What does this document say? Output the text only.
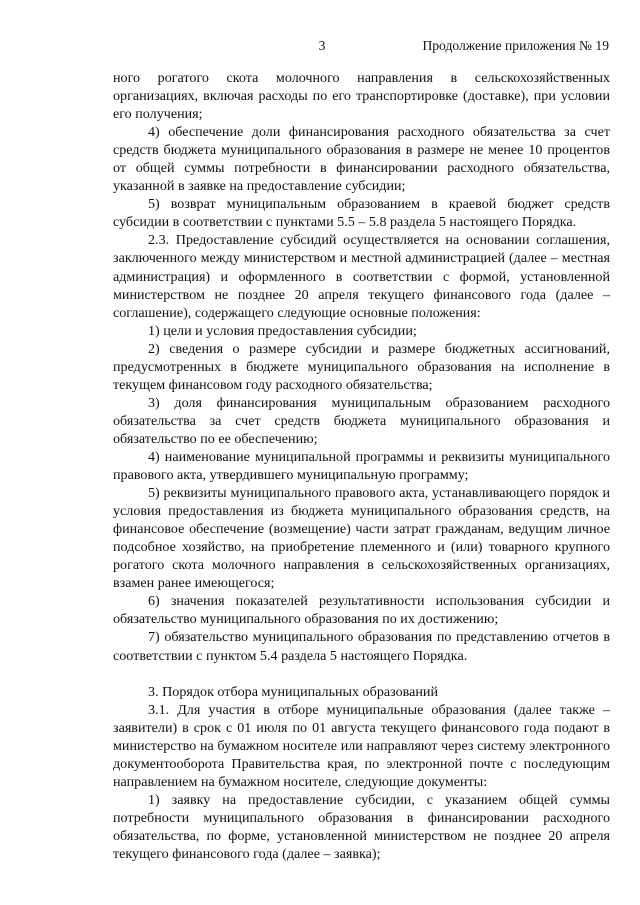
3	Продолжение приложения № 19

ного рогатого скота молочного направления в сельскохозяйственных организациях, включая расходы по его транспортировке (доставке), при условии его получения;

4) обеспечение доли финансирования расходного обязательства за счет средств бюджета муниципального образования в размере не менее 10 процентов от общей суммы потребности в финансировании расходного обязательства, указанной в заявке на предоставление субсидии;

5) возврат муниципальным образованием в краевой бюджет средств субсидии в соответствии с пунктами 5.5 – 5.8 раздела 5 настоящего Порядка.

2.3. Предоставление субсидий осуществляется на основании соглашения, заключенного между министерством и местной администрацией (далее – местная администрация) и оформленного в соответствии с формой, установленной министерством не позднее 20 апреля текущего финансового года (далее – соглашение), содержащего следующие основные положения:

1) цели и условия предоставления субсидии;

2) сведения о размере субсидии и размере бюджетных ассигнований, предусмотренных в бюджете муниципального образования на исполнение в текущем финансовом году расходного обязательства;

3) доля финансирования муниципальным образованием расходного обязательства за счет средств бюджета муниципального образования и обязательство по ее обеспечению;

4) наименование муниципальной программы и реквизиты муниципального правового акта, утвердившего муниципальную программу;

5) реквизиты муниципального правового акта, устанавливающего порядок и условия предоставления из бюджета муниципального образования средств, на финансовое обеспечение (возмещение) части затрат гражданам, ведущим личное подсобное хозяйство, на приобретение племенного и (или) товарного крупного рогатого скота молочного направления в сельскохозяйственных организациях, взамен ранее имеющегося;

6) значения показателей результативности использования субсидии и обязательство муниципального образования по их достижению;

7) обязательство муниципального образования по представлению отчетов в соответствии с пунктом 5.4 раздела 5 настоящего Порядка.

3. Порядок отбора муниципальных образований

3.1. Для участия в отборе муниципальные образования (далее также – заявители) в срок с 01 июля по 01 августа текущего финансового года подают в министерство на бумажном носителе или направляют через систему электронного документооборота Правительства края, по электронной почте с последующим направлением на бумажном носителе, следующие документы:

1) заявку на предоставление субсидии, с указанием общей суммы потребности муниципального образования в финансировании расходного обязательства, по форме, установленной министерством не позднее 20 апреля текущего финансового года (далее – заявка);
